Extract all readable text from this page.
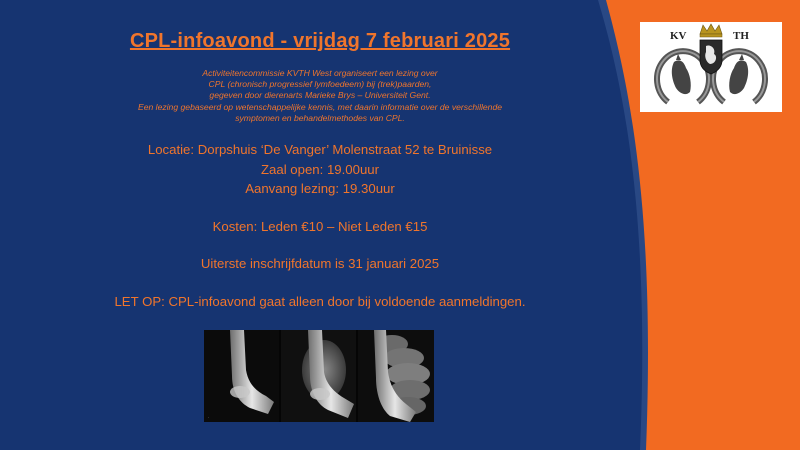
CPL-infoavond - vrijdag 7 februari 2025
Activiteitencommissie KVTH West organiseert een lezing over
CPL (chronisch progressief lymfoedeem) bij (trek)paarden,
gegeven door dierenarts Marieke Brys – Universiteit Gent.
Een lezing gebaseerd op wetenschappelijke kennis, met daarin informatie over de verschillende
symptomen en behandelmethodes van CPL.
Locatie: Dorpshuis ‘De Vanger’ Molenstraat 52 te Bruinisse
Zaal open: 19.00uur
Aanvang lezing: 19.30uur
Kosten: Leden €10 – Niet Leden €15
Uiterste inschrijfdatum is 31 januari 2025
LET OP: CPL-infoavond gaat alleen door bij voldoende aanmeldingen.
KV	TH
.
